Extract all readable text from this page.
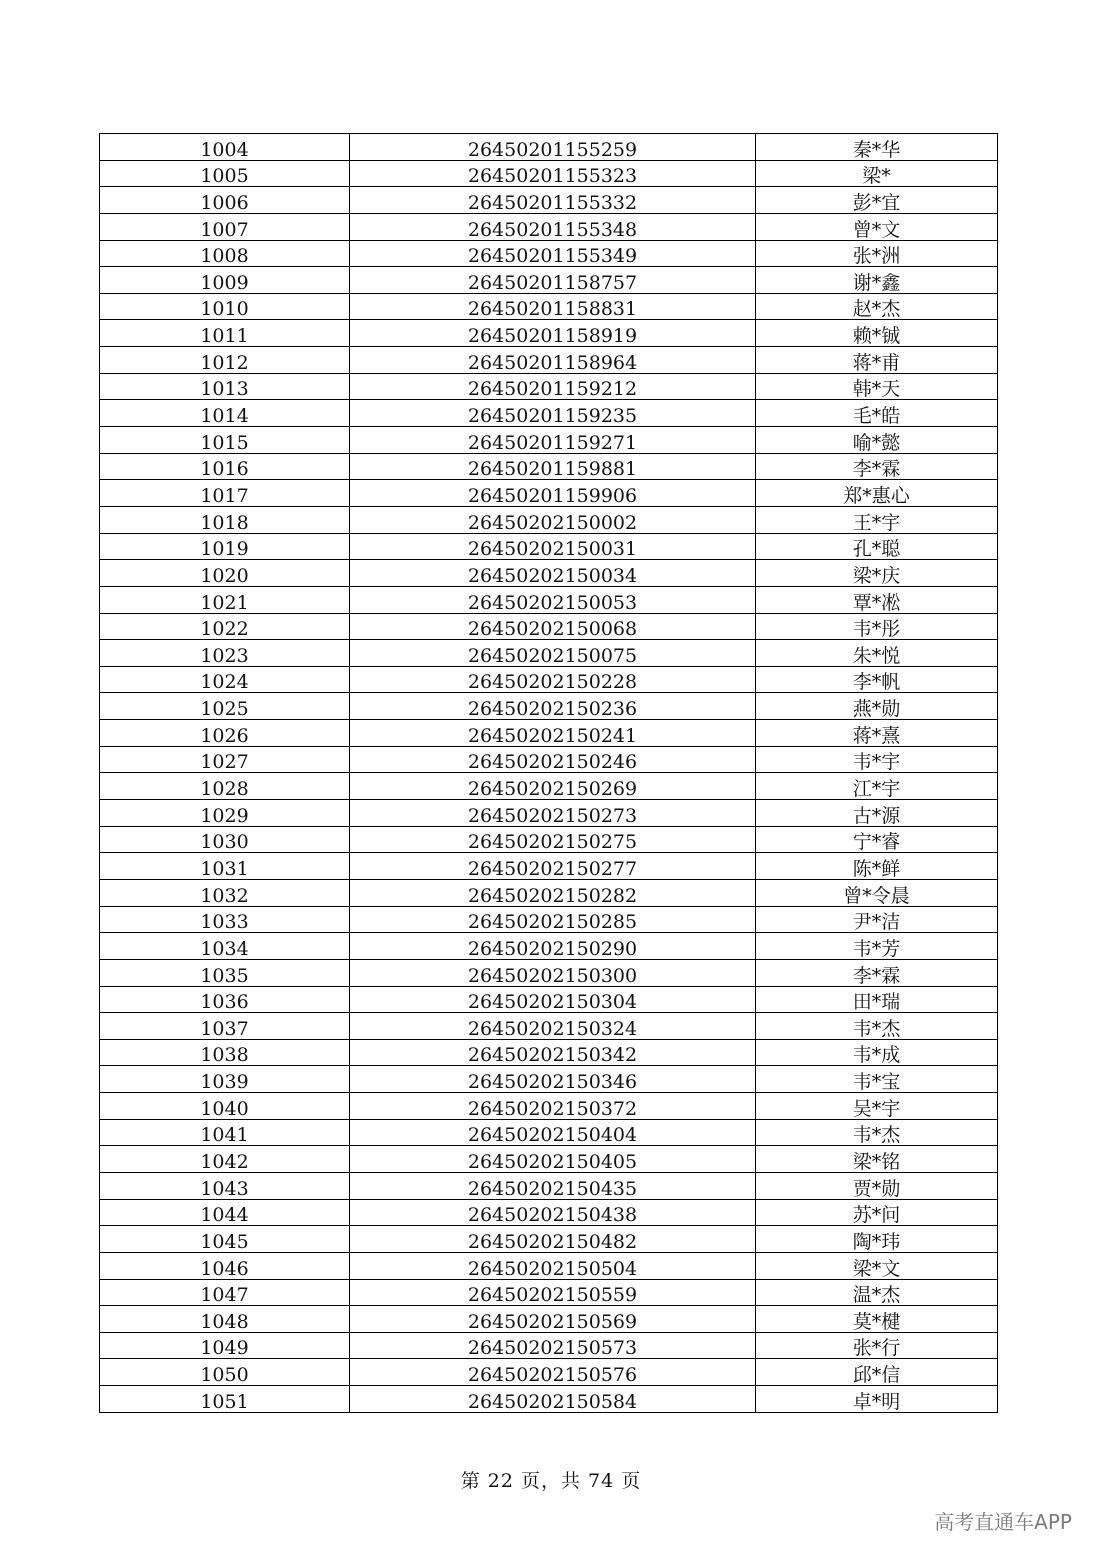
1004	26450201155259	秦*华
1005	26450201155323	梁*
1006	26450201155332	彭*宜
1007	26450201155348	曾*文
1008	26450201155349	张*洲
1009	26450201158757	谢*鑫
1010	26450201158831	赵*杰
1011	26450201158919	赖*铖
1012	26450201158964	蒋*甫
1013	26450201159212	韩*天
1014	26450201159235	毛*皓
1015	26450201159271	喻*懿
1016	26450201159881	李*霖
1017	26450201159906	郑*惠心
1018	26450202150002	王*宇
1019	26450202150031	孔*聪
1020	26450202150034	梁*庆
1021	26450202150053	覃*凇
1022	26450202150068	韦*彤
1023	26450202150075	朱*悦
1024	26450202150228	李*帆
1025	26450202150236	燕*勋
1026	26450202150241	蒋*熹
1027	26450202150246	韦*宇
1028	26450202150269	江*宇
1029	26450202150273	古*源
1030	26450202150275	宁*睿
1031	26450202150277	陈*鲜
1032	26450202150282	曾*令晨
1033	26450202150285	尹*洁
1034	26450202150290	韦*芳
1035	26450202150300	李*霖
1036	26450202150304	田*瑞
1037	26450202150324	韦*杰
1038	26450202150342	韦*成
1039	26450202150346	韦*宝
1040	26450202150372	吴*宇
1041	26450202150404	韦*杰
1042	26450202150405	梁*铭
1043	26450202150435	贾*勋
1044	26450202150438	苏*问
1045	26450202150482	陶*玮
1046	26450202150504	梁*文
1047	26450202150559	温*杰
1048	26450202150569	莫*楗
1049	26450202150573	张*行
1050	26450202150576	邱*信
1051	26450202150584	卓*明
第 22 页，共 74 页
高考直通车APP
